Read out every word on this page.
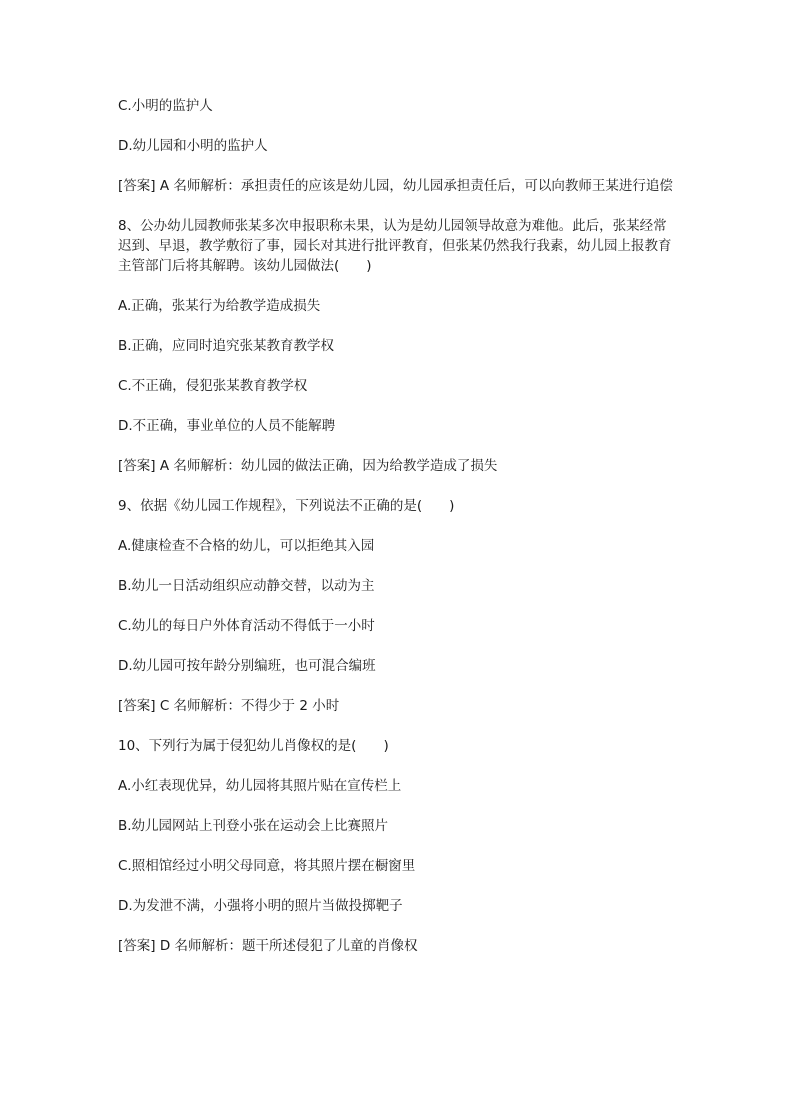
C.小明的监护人

D.幼儿园和小明的监护人

[答案] A 名师解析：承担责任的应该是幼儿园，幼儿园承担责任后，可以向教师王某进行追偿

8、公办幼儿园教师张某多次申报职称未果，认为是幼儿园领导故意为难他。此后，张某经常迟到、早退，教学敷衍了事，园长对其进行批评教育，但张某仍然我行我素，幼儿园上报教育主管部门后将其解聘。该幼儿园做法(　　)

A.正确，张某行为给教学造成损失

B.正确，应同时追究张某教育教学权

C.不正确，侵犯张某教育教学权

D.不正确，事业单位的人员不能解聘

[答案] A 名师解析：幼儿园的做法正确，因为给教学造成了损失

9、依据《幼儿园工作规程》，下列说法不正确的是(　　)

A.健康检查不合格的幼儿，可以拒绝其入园

B.幼儿一日活动组织应动静交替，以动为主

C.幼儿的每日户外体育活动不得低于一小时

D.幼儿园可按年龄分别编班，也可混合编班

[答案] C 名师解析：不得少于 2 小时

10、下列行为属于侵犯幼儿肖像权的是(　　)

A.小红表现优异，幼儿园将其照片贴在宣传栏上

B.幼儿园网站上刊登小张在运动会上比赛照片

C.照相馆经过小明父母同意，将其照片摆在橱窗里

D.为发泄不满，小强将小明的照片当做投掷靶子

[答案] D 名师解析：题干所述侵犯了儿童的肖像权
